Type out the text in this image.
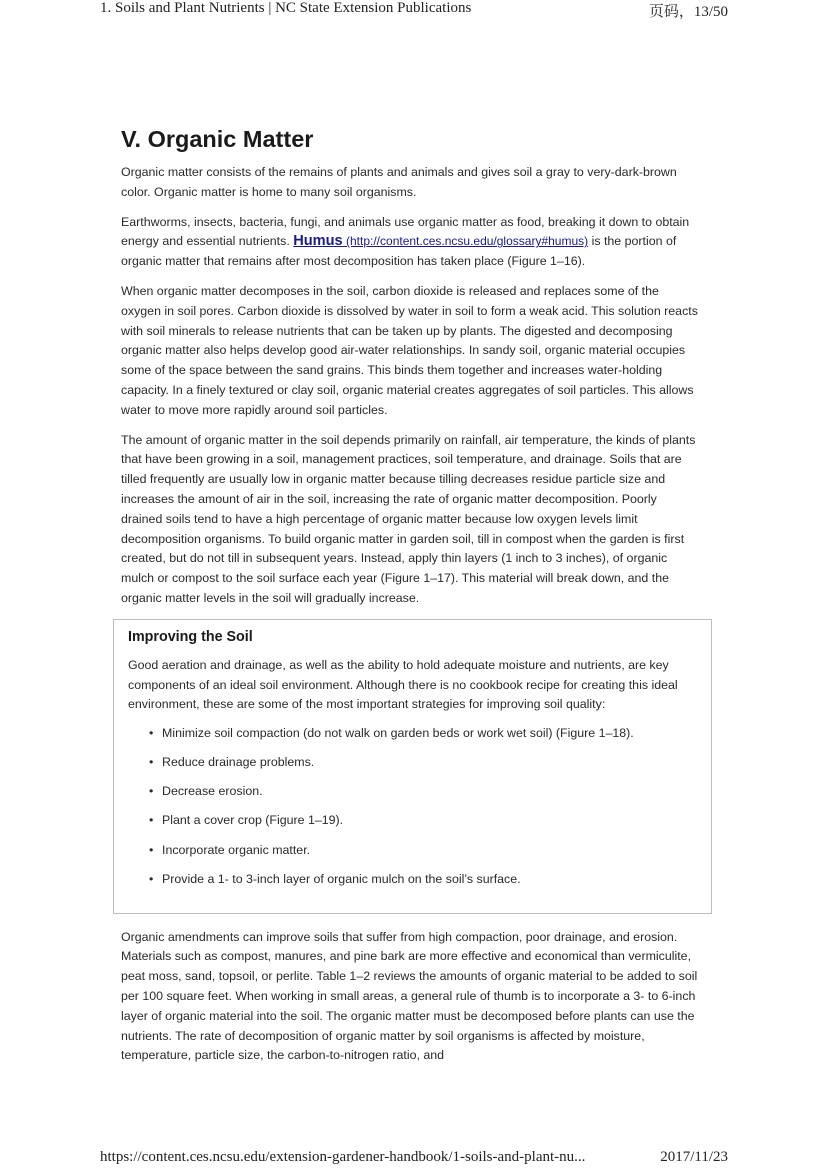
1. Soils and Plant Nutrients | NC State Extension Publications	页码，13/50
V. Organic Matter

Organic matter consists of the remains of plants and animals and gives soil a gray to very-dark-brown color. Organic matter is home to many soil organisms.

Earthworms, insects, bacteria, fungi, and animals use organic matter as food, breaking it down to obtain energy and essential nutrients. Humus (http://content.ces.ncsu.edu/glossary#humus) is the portion of organic matter that remains after most decomposition has taken place (Figure 1–16).

When organic matter decomposes in the soil, carbon dioxide is released and replaces some of the oxygen in soil pores. Carbon dioxide is dissolved by water in soil to form a weak acid. This solution reacts with soil minerals to release nutrients that can be taken up by plants. The digested and decomposing organic matter also helps develop good air-water relationships. In sandy soil, organic material occupies some of the space between the sand grains. This binds them together and increases water-holding capacity. In a finely textured or clay soil, organic material creates aggregates of soil particles. This allows water to move more rapidly around soil particles.

The amount of organic matter in the soil depends primarily on rainfall, air temperature, the kinds of plants that have been growing in a soil, management practices, soil temperature, and drainage. Soils that are tilled frequently are usually low in organic matter because tilling decreases residue particle size and increases the amount of air in the soil, increasing the rate of organic matter decomposition. Poorly drained soils tend to have a high percentage of organic matter because low oxygen levels limit decomposition organisms. To build organic matter in garden soil, till in compost when the garden is first created, but do not till in subsequent years. Instead, apply thin layers (1 inch to 3 inches), of organic mulch or compost to the soil surface each year (Figure 1–17). This material will break down, and the organic matter levels in the soil will gradually increase.

Improving the Soil

Good aeration and drainage, as well as the ability to hold adequate moisture and nutrients, are key components of an ideal soil environment. Although there is no cookbook recipe for creating this ideal environment, these are some of the most important strategies for improving soil quality:

• Minimize soil compaction (do not walk on garden beds or work wet soil) (Figure 1–18).
• Reduce drainage problems.
• Decrease erosion.
• Plant a cover crop (Figure 1–19).
• Incorporate organic matter.
• Provide a 1- to 3-inch layer of organic mulch on the soil’s surface.

Organic amendments can improve soils that suffer from high compaction, poor drainage, and erosion. Materials such as compost, manures, and pine bark are more effective and economical than vermiculite, peat moss, sand, topsoil, or perlite. Table 1–2 reviews the amounts of organic material to be added to soil per 100 square feet. When working in small areas, a general rule of thumb is to incorporate a 3- to 6-inch layer of organic material into the soil. The organic matter must be decomposed before plants can use the nutrients. The rate of decomposition of organic matter by soil organisms is affected by moisture, temperature, particle size, the carbon-to-nitrogen ratio, and

https://content.ces.ncsu.edu/extension-gardener-handbook/1-soils-and-plant-nu...	2017/11/23
